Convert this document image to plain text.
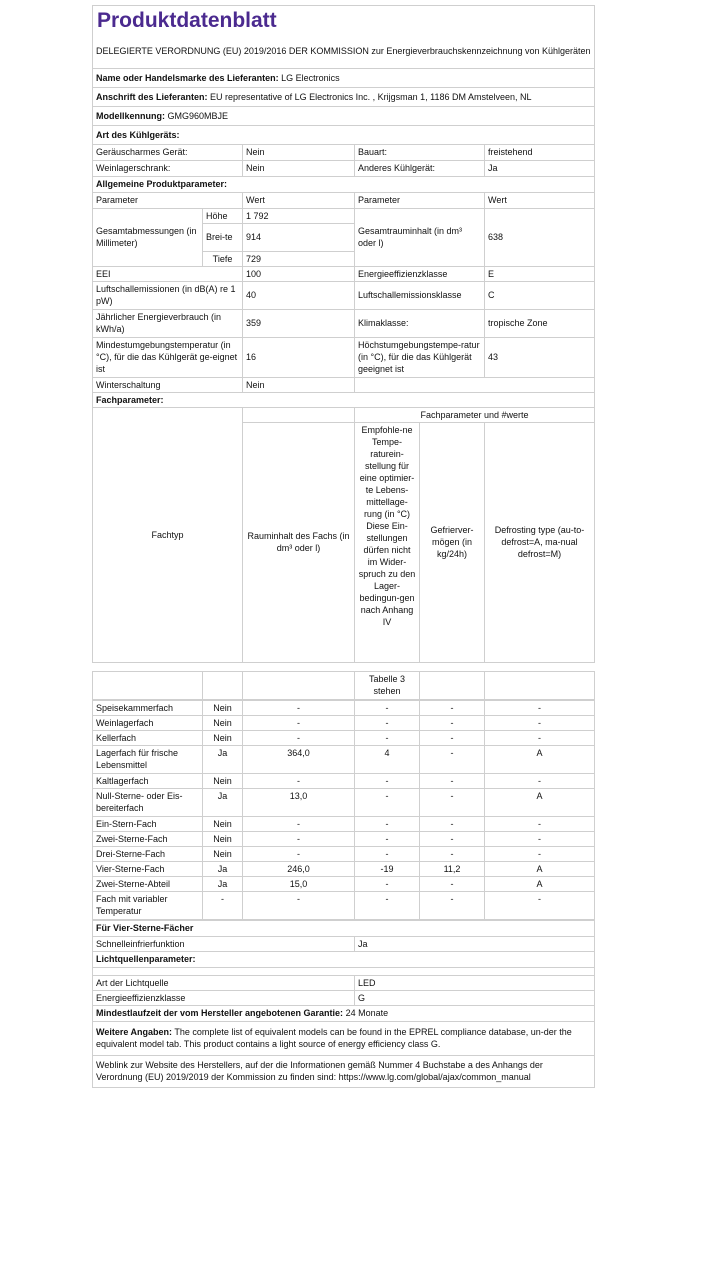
Produktdatenblatt					
DELEGIERTE VERORDNUNG (EU) 2019/2016 DER KOMMISSION zur Energieverbrauchskennzeichnung von Kühlgeräten					
Name oder Handelsmarke des Lieferanten: LG Electronics					
Anschrift des Lieferanten: EU representative of LG Electronics Inc. , Krijgsman 1, 1186 DM Amstelveen, NL					
Modellkennung: GMG960MBJE					
Art des Kühlgeräts:					
Geräuscharmes Gerät:		Nein	Bauart:		freistehend
Weinlagerschrank:		Nein	Anderes Kühlgerät:		Ja
Allgemeine Produktparameter:					
Parameter		Wert	Parameter		Wert
Gesamtabmessungen (in Millimeter)	Höhe	1 792	Gesamtrauminhalt (in dm³ oder l)		638
	Brei-te	914			
	Tiefe	729			
EEI		100	Energieeffizienzklasse		E
Luftschallemissionen (in dB(A) re 1 pW)		40	Luftschallemissionsklasse		C
Jährlicher Energieverbrauch (in kWh/a)		359	Klimaklasse:		tropische Zone
Mindestumgebungstemperatur (in °C), für die das Kühlgerät ge-eignet ist		16	Höchstumgebungstempe-ratur (in °C), für die das Kühlgerät geeignet ist		43
Winterschaltung		Nein			
Fachparameter:					
Fachtyp			Fachparameter und #werte		
		Rauminhalt des Fachs (in dm³ oder l)	Empfohle-ne Tempe-raturein-stellung für eine optimier-te Lebens-mittellage-rung (in °C) Diese Ein-stellungen dürfen nicht im Wider-spruch zu den Lager-bedingun-gen nach Anhang IV	Gefrierver-mögen (in kg/24h)	Defrosting type (au-to-defrost=A, ma-nual defrost=M)

			Tabelle 3 stehen		
Speisekammerfach	Nein	-	-	-	-
Weinlagerfach	Nein	-	-	-	-
Kellerfach	Nein	-	-	-	-
Lagerfach für frische Lebensmittel	Ja	364,0	4	-	A
Kaltlagerfach	Nein	-	-	-	-
Null-Sterne- oder Eis-bereiterfach	Ja	13,0	-	-	A
Ein-Stern-Fach	Nein	-	-	-	-
Zwei-Sterne-Fach	Nein	-	-	-	-
Drei-Sterne-Fach	Nein	-	-	-	-
Vier-Sterne-Fach	Ja	246,0	-19	11,2	A
Zwei-Sterne-Abteil	Ja	15,0	-	-	A
Fach mit variabler Temperatur	-	-	-	-	-
Für Vier-Sterne-Fächer	
Schnelleinfrierfunktion	Ja
Lichtquellenparameter:	

Art der Lichtquelle	LED
Energieeffizienzklasse	G
Mindestlaufzeit der vom Hersteller angebotenen Garantie: 24 Monate	
Weitere Angaben: The complete list of equivalent models can be found in the EPREL compliance database, un-der the equivalent model tab. This product contains a light source of energy efficiency class G.	
Weblink zur Website des Herstellers, auf der die Informationen gemäß Nummer 4 Buchstabe a des Anhangs der Verordnung (EU) 2019/2019 der Kommission zu finden sind: https://www.lg.com/global/ajax/common_manual	
